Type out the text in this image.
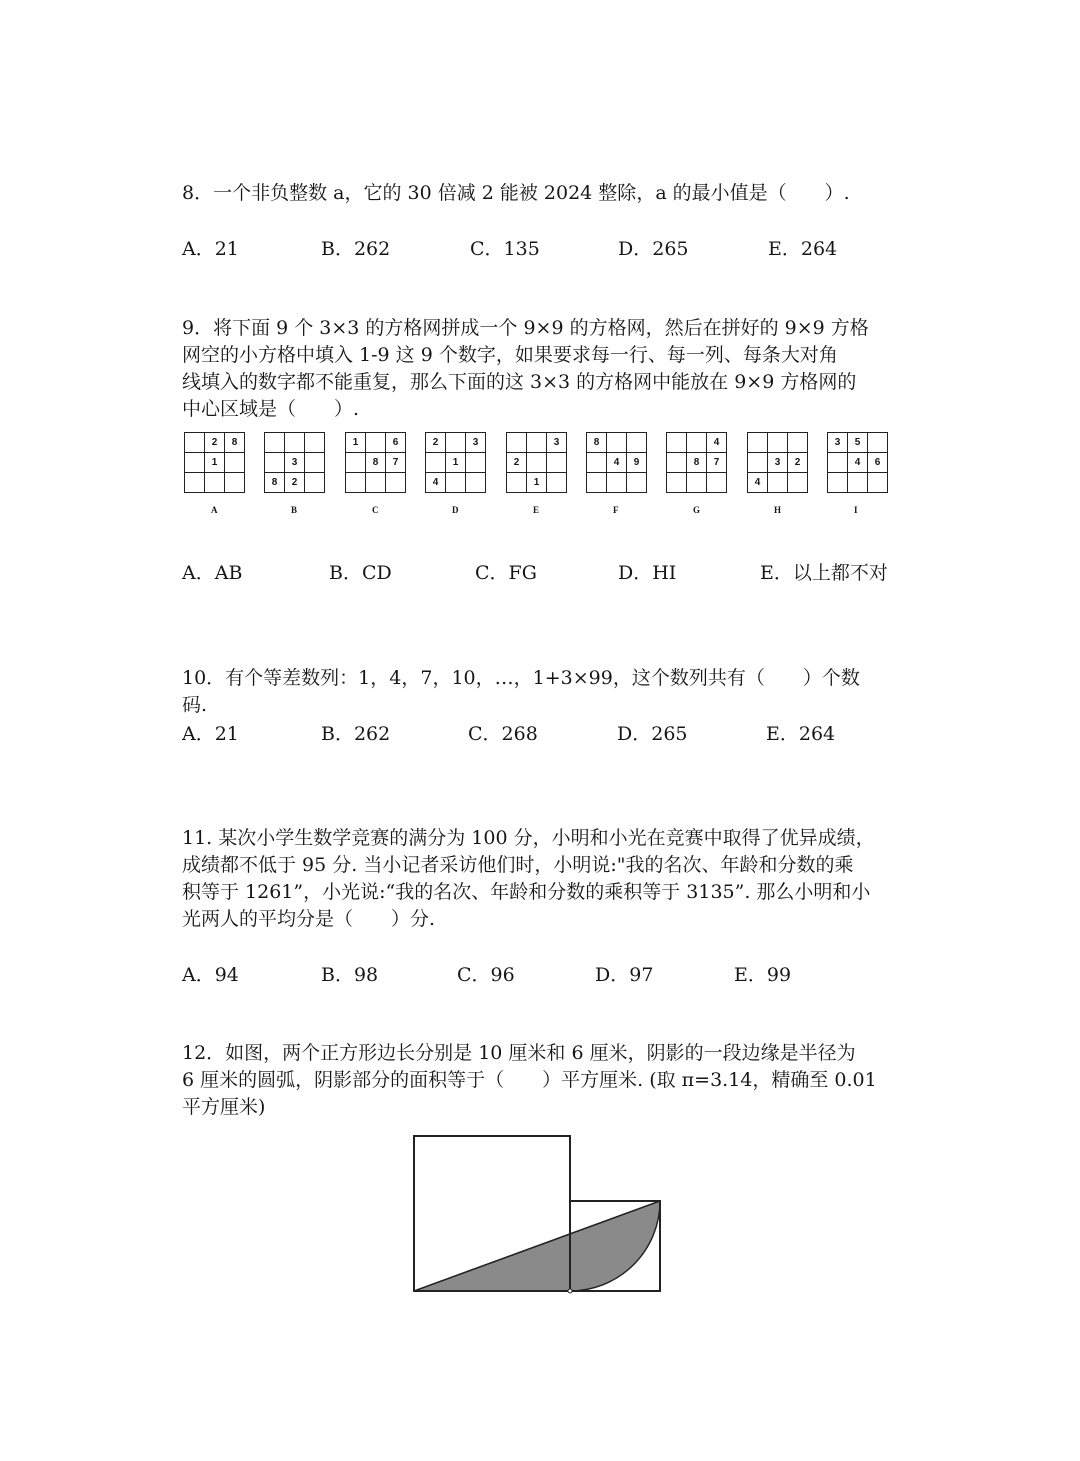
8．一个非负整数 a，它的 30 倍减 2 能被 2024 整除，a 的最小值是（　　）.
A．21	B．262	C．135	D．265	E．264
9．将下面 9 个 3×3 的方格网拼成一个 9×9 的方格网，然后在拼好的 9×9 方格
网空的小方格中填入 1-9 这 9 个数字，如果要求每一行、每一列、每条大对角
线填入的数字都不能重复，那么下面的这 3×3 的方格网中能放在 9×9 方格网的
中心区域是（　　）.
	2	8
	1	

A

	3	
8	2	
B
1		6
	8	7

C
2		3
	1	
4		
D
		3
2		
	1	
E
8		
	4	9

F
		4
	8	7

G

	3	2
4		
H
3	5	
	4	6

I
A．AB	B．CD	C．FG	D．HI	E．以上都不对
10．有个等差数列：1，4，7，10，…，1+3×99，这个数列共有（　　）个数
码.
A．21	B．262	C．268	D．265	E．264
11. 某次小学生数学竞赛的满分为 100 分，小明和小光在竞赛中取得了优异成绩，
成绩都不低于 95 分. 当小记者采访他们时，小明说:"我的名次、年龄和分数的乘
积等于 1261”，小光说:“我的名次、年龄和分数的乘积等于 3135”. 那么小明和小
光两人的平均分是（　　）分.
A．94	B．98	C．96	D．97	E．99
12．如图，两个正方形边长分别是 10 厘米和 6 厘米，阴影的一段边缘是半径为
6 厘米的圆弧，阴影部分的面积等于（　　）平方厘米. (取 π=3.14，精确至 0.01
平方厘米)
